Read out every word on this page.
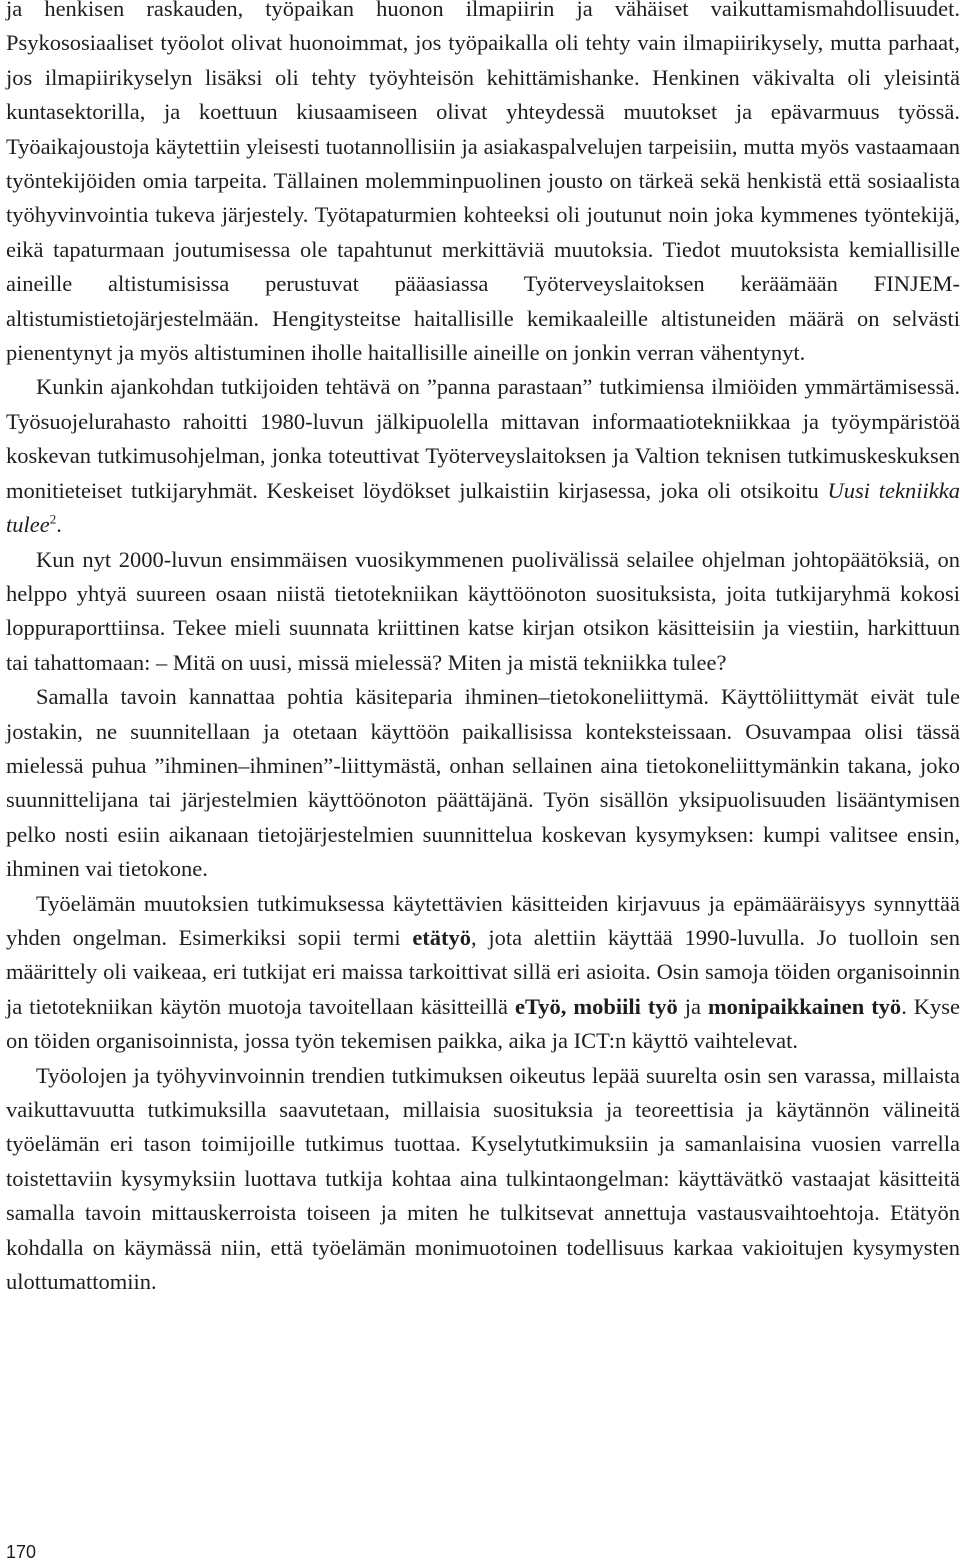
ja henkisen raskauden, työpaikan huonon ilmapiirin ja vähäiset vaikuttamismahdollisuudet. Psykososiaaliset työolot olivat huonoimmat, jos työpaikalla oli tehty vain ilmapiirikysely, mutta parhaat, jos ilmapiirikyselyn lisäksi oli tehty työyhteisön kehittämishanke. Henkinen väkivalta oli yleisintä kuntasektorilla, ja koettuun kiusaamiseen olivat yhteydessä muutokset ja epävarmuus työssä. Työaikajoustoja käytettiin yleisesti tuotannollisiin ja asiakaspalvelujen tarpeisiin, mutta myös vastaamaan työntekijöiden omia tarpeita. Tällainen molemminpuolinen jousto on tärkeä sekä henkistä että sosiaalista työhyvinvointia tukeva järjestely. Työtapaturmien kohteeksi oli joutunut noin joka kymmenes työntekijä, eikä tapaturmaan joutumisessa ole tapahtunut merkittäviä muutoksia. Tiedot muutoksista kemiallisille aineille altistumisissa perustuvat pääasiassa Työterveyslaitoksen keräämään FINJEM-altistumistietojärjestelmään. Hengitysteitse haitallisille kemikaaleille altistuneiden määrä on selvästi pienentynyt ja myös altistuminen iholle haitallisille aineille on jonkin verran vähentynyt.

Kunkin ajankohdan tutkijoiden tehtävä on ”panna parastaan” tutkimiensa ilmiöiden ymmärtämisessä. Työsuojelurahasto rahoitti 1980-luvun jälkipuolella mittavan informaatiotekniikkaa ja työympäristöä koskevan tutkimusohjelman, jonka toteuttivat Työterveyslaitoksen ja Valtion teknisen tutkimuskeskuksen monitieteiset tutkijaryhmät. Keskeiset löydökset julkaistiin kirjasessa, joka oli otsikoitu Uusi tekniikka tulee$^2$.

Kun nyt 2000-luvun ensimmäisen vuosikymmenen puolivälissä selailee ohjelman johtopäätöksiä, on helppo yhtyä suureen osaan niistä tietotekniikan käyttöönoton suosituksista, joita tutkijaryhmä kokosi loppuraporttiinsa. Tekee mieli suunnata kriittinen katse kirjan otsikon käsitteisiin ja viestiin, harkittuun tai tahattomaan: – Mitä on uusi, missä mielessä? Miten ja mistä tekniikka tulee?

Samalla tavoin kannattaa pohtia käsiteparia ihminen–tietokoneliittymä. Käyttöliittymät eivät tule jostakin, ne suunnitellaan ja otetaan käyttöön paikallisissa konteksteissaan. Osuvampaa olisi tässä mielessä puhua ”ihminen–ihminen”-liittymästä, onhan sellainen aina tietokoneliittymänkin takana, joko suunnittelijana tai järjestelmien käyttöönoton päättäjänä. Työn sisällön yksipuolisuuden lisääntymisen pelko nosti esiin aikanaan tietojärjestelmien suunnittelua koskevan kysymyksen: kumpi valitsee ensin, ihminen vai tietokone.

Työelämän muutoksien tutkimuksessa käytettävien käsitteiden kirjavuus ja epämääräisyys synnyttää yhden ongelman. Esimerkiksi sopii termi etätyö, jota alettiin käyttää 1990-luvulla. Jo tuolloin sen määrittely oli vaikeaa, eri tutkijat eri maissa tarkoittivat sillä eri asioita. Osin samoja töiden organisoinnin ja tietotekniikan käytön muotoja tavoitellaan käsitteillä eTyö, mobiili työ ja monipaikkainen työ. Kyse on töiden organisoinnista, jossa työn tekemisen paikka, aika ja ICT:n käyttö vaihtelevat.

Työolojen ja työhyvinvoinnin trendien tutkimuksen oikeutus lepää suurelta osin sen varassa, millaista vaikuttavuutta tutkimuksilla saavutetaan, millaisia suosituksia ja teoreettisia ja käytännön välineitä työelämän eri tason toimijoille tutkimus tuottaa. Kyselytutkimuksiin ja samanlaisina vuosien varrella toistettaviin kysymyksiin luottava tutkija kohtaa aina tulkintaongelman: käyttävätkö vastaajat käsitteitä samalla tavoin mittauskerroista toiseen ja miten he tulkitsevat annettuja vastausvaihtoehtoja. Etätyön kohdalla on käymässä niin, että työelämän monimuotoinen todellisuus karkaa vakioitujen kysymysten ulottumattomiin.

170
